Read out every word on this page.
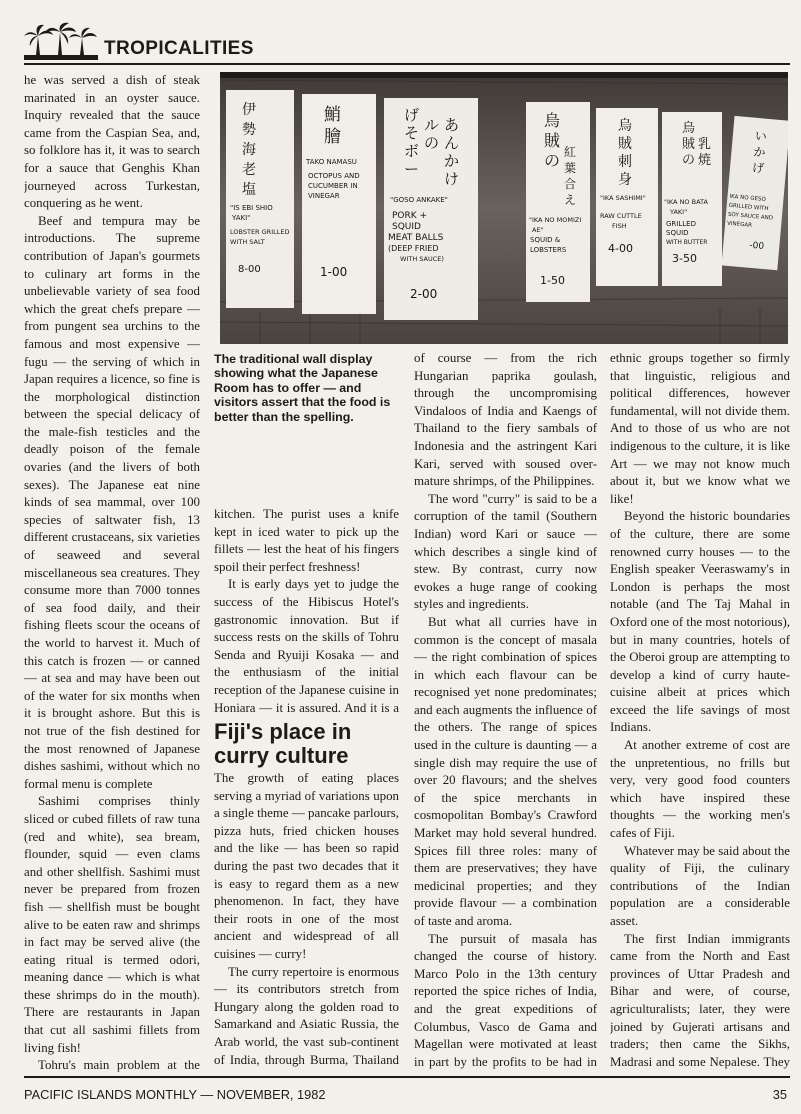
TROPICALITIES

he was served a dish of steak marinated in an oyster sauce. Inquiry revealed that the sauce came from the Caspian Sea, and, so folklore has it, it was to search for a sauce that Genghis Khan journeyed across Turkestan, conquering as he went.

Beef and tempura may be introductions. The supreme contribution of Japan's gourmets to culinary art forms in the unbelievable variety of sea food which the great chefs prepare — from pungent sea urchins to the famous and most expensive — fugu — the serving of which in Japan requires a licence, so fine is the morphological distinction between the special delicacy of the male-fish testicles and the deadly poison of the female ovaries (and the livers of both sexes). The Japanese eat nine kinds of sea mammal, over 100 species of saltwater fish, 13 different crustaceans, six varieties of seaweed and several miscellaneous sea creatures. They consume more than 7000 tonnes of sea food daily, and their fishing fleets scour the oceans of the world to harvest it. Much of this catch is frozen — or canned — at sea and may have been out of the water for six months when it is brought ashore. But this is not true of the fish destined for the most renowned of Japanese dishes sashimi, without which no formal menu is complete

Sashimi comprises thinly sliced or cubed fillets of raw tuna (red and white), sea bream, flounder, squid — even clams and other shellfish. Sashimi must never be prepared from frozen fish — shellfish must be bought alive to be eaten raw and shrimps in fact may be served alive (the eating ritual is termed odori, meaning dance — which is what these shrimps do in the mouth). There are restaurants in Japan that cut all sashimi fillets from living fish!

Tohru's main problem at the

伊
勢
海
老
塩
"IS EBI SHIO
YAKI"
LOBSTER GRILLED
WITH SALT
8-00
鮹
膾
TAKO NAMASU
OCTOPUS AND
CUCUMBER IN
VINEGAR
1-00
げ
そ
ボ
ー
ル
の
あ
ん
か
け
"GOSO ANKAKE"
PORK +
SQUID
MEAT BALLS
(DEEP FRIED
WITH SAUCE)
2-00
烏
賊
の 紅
葉
合
え
"IKA NO MOMIZI
AE"
SQUID &
LOBSTERS
1-50
烏
賊
刺
身
"IKA SASHIMI"
RAW CUTTLE
FISH
4-00
烏
賊
の
乳
焼
"IKA NO BATA
YAKI"
GRILLED
SQUID
WITH BUTTER
3-50
い
か
げ
IKA NO GESO
GRILLED WITH
SOY SAUCE AND
VINEGAR
-00
The traditional wall display showing what the Japanese Room has to offer — and visitors assert that the food is better than the spelling.

kitchen. The purist uses a knife kept in iced water to pick up the fillets — lest the heat of his fingers spoil their perfect freshness!

It is early days yet to judge the success of the Hibiscus Hotel's gastronomic innovation. But if success rests on the skills of Tohru Senda and Ryuiji Kosaka — and the enthusiasm of the initial reception of the Japanese cuisine in Honiara — it is assured. And it is a

Fiji's place in curry culture

The growth of eating places serving a myriad of variations upon a single theme — pancake parlours, pizza huts, fried chicken houses and the like — has been so rapid during the past two decades that it is easy to regard them as a new phenomenon. In fact, they have their roots in one of the most ancient and widespread of all cuisines — curry!

The curry repertoire is enormous — its contributors stretch from Hungary along the golden road to Samarkand and Asiatic Russia, the Arab world, the vast sub-continent of India, through Burma, Thailand

of course — from the rich Hungarian paprika goulash, through the uncompromising Vindaloos of India and Kaengs of Thailand to the fiery sambals of Indonesia and the astringent Kari Kari, served with soused over-mature shrimps, of the Philippines.

The word "curry" is said to be a corruption of the tamil (Southern Indian) word Kari or sauce — which describes a single kind of stew. By contrast, curry now evokes a huge range of cooking styles and ingredients.

But what all curries have in common is the concept of masala — the right combination of spices in which each flavour can be recognised yet none predominates; and each augments the influence of the others. The range of spices used in the culture is daunting — a single dish may require the use of over 20 flavours; and the shelves of the spice merchants in cosmopolitan Bombay's Crawford Market may hold several hundred. Spices fill three roles: many of them are preservatives; they have medicinal properties; and they provide flavour — a combination of taste and aroma.

The pursuit of masala has changed the course of history. Marco Polo in the 13th century reported the spice riches of India, and the great expeditions of Columbus, Vasco de Gama and Magellan were motivated at least in part by the profits to be had in

ethnic groups together so firmly that linguistic, religious and political differences, however fundamental, will not divide them. And to those of us who are not indigenous to the culture, it is like Art — we may not know much about it, but we know what we like!

Beyond the historic boundaries of the culture, there are some renowned curry houses — to the English speaker Veeraswamy's in London is perhaps the most notable (and The Taj Mahal in Oxford one of the most notorious), but in many countries, hotels of the Oberoi group are attempting to develop a kind of curry haute-cuisine albeit at prices which exceed the life savings of most Indians.

At another extreme of cost are the unpretentious, no frills but very, very good food counters which have inspired these thoughts — the working men's cafes of Fiji.

Whatever may be said about the quality of Fiji, the culinary contributions of the Indian population are a considerable asset.

The first Indian immigrants came from the North and East provinces of Uttar Pradesh and Bihar and were, of course, agriculturalists; later, they were joined by Gujerati artisans and traders; then came the Sikhs, Madrasi and some Nepalese. They

PACIFIC ISLANDS MONTHLY — NOVEMBER, 1982	35
